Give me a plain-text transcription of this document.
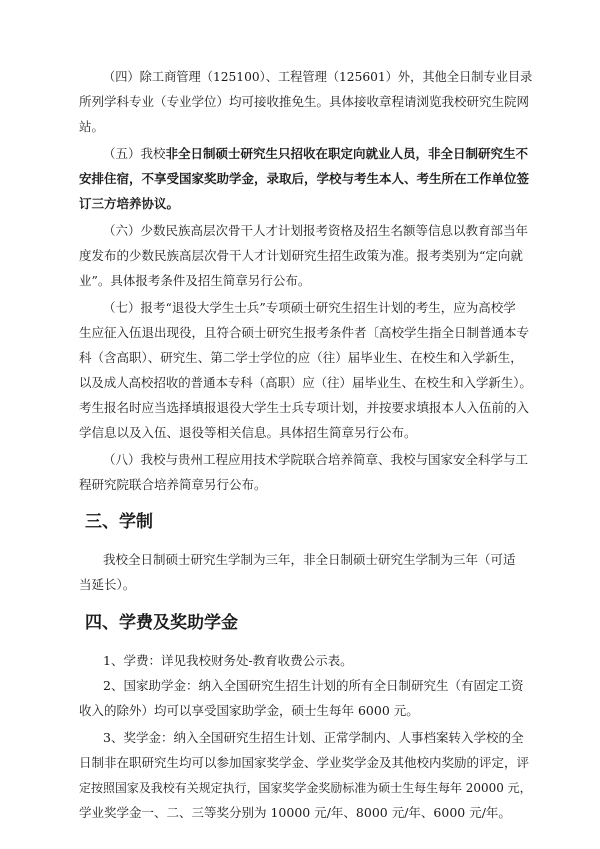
（四）除工商管理（125100）、工程管理（125601）外，其他全日制专业目录
所列学科专业（专业学位）均可接收推免生。具体接收章程请浏览我校研究生院网
站。
（五）我校非全日制硕士研究生只招收在职定向就业人员，非全日制研究生不
安排住宿，不享受国家奖助学金，录取后，学校与考生本人、考生所在工作单位签
订三方培养协议。
（六）少数民族高层次骨干人才计划报考资格及招生名额等信息以教育部当年
度发布的少数民族高层次骨干人才计划研究生招生政策为准。报考类别为“定向就
业”。具体报考条件及招生简章另行公布。
（七）报考“退役大学生士兵”专项硕士研究生招生计划的考生，应为高校学
生应征入伍退出现役，且符合硕士研究生报考条件者〔高校学生指全日制普通本专
科（含高职）、研究生、第二学士学位的应（往）届毕业生、在校生和入学新生，
以及成人高校招收的普通本专科（高职）应（往）届毕业生、在校生和入学新生）。
考生报名时应当选择填报退役大学生士兵专项计划，并按要求填报本人入伍前的入
学信息以及入伍、退役等相关信息。具体招生简章另行公布。
（八）我校与贵州工程应用技术学院联合培养简章、我校与国家安全科学与工
程研究院联合培养简章另行公布。
三、学制
我校全日制硕士研究生学制为三年，非全日制硕士研究生学制为三年（可适
当延长）。
四、学费及奖助学金
1、学费：详见我校财务处-教育收费公示表。
2、国家助学金：纳入全国研究生招生计划的所有全日制研究生（有固定工资
收入的除外）均可以享受国家助学金，硕士生每年 6000 元。
3、奖学金：纳入全国研究生招生计划、正常学制内、人事档案转入学校的全
日制非在职研究生均可以参加国家奖学金、学业奖学金及其他校内奖励的评定，评
定按照国家及我校有关规定执行，国家奖学金奖励标准为硕士生每生每年 20000 元，
学业奖学金一、二、三等奖分别为 10000 元/年、8000 元/年、6000 元/年。
